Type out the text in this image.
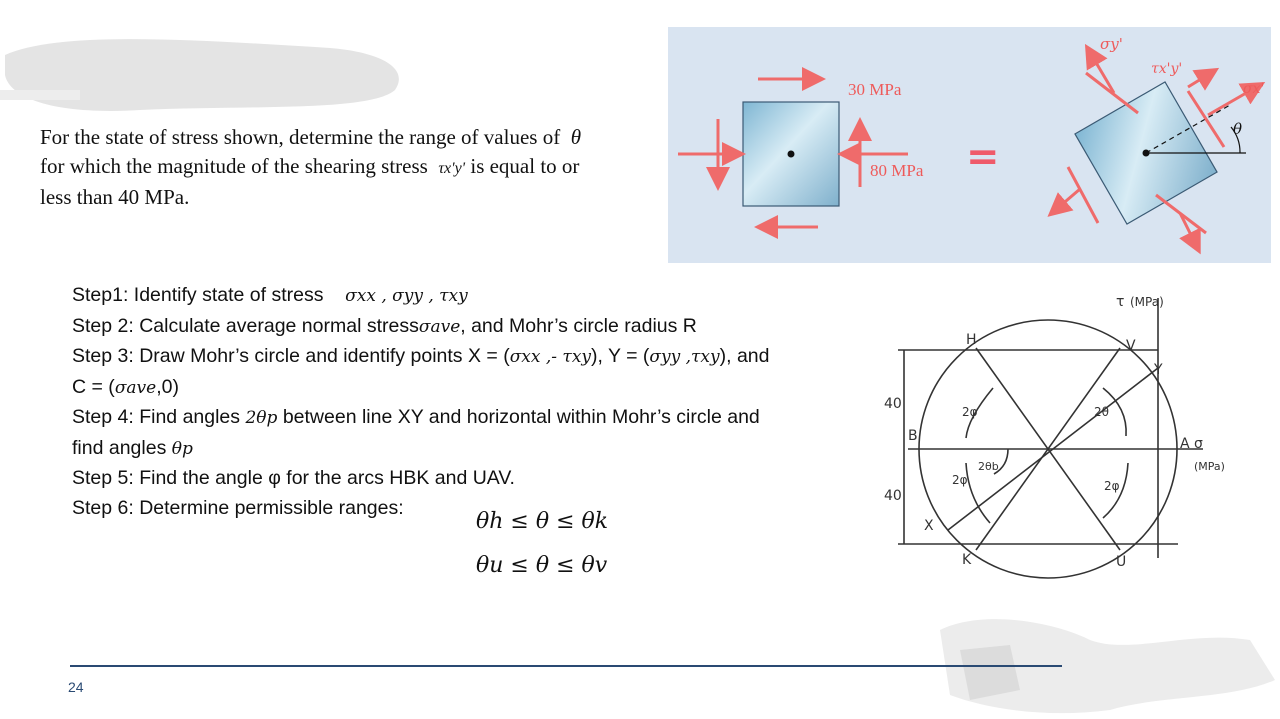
For the state of stress shown, determine the range of values of θ
for which the magnitude of the shearing stress τx'y' is equal to or
less than 40 MPa.
30 MPa
80 MPa =
θ
σy'
τx'y'
σx'
τ (MPa)
A σ
(MPa)
H	V
Y
B
X
K	U
40
40
2φ	2θ
2φ	2φ
2θb
Step1: Identify state of stress σxx , σyy , τxy
Step 2: Calculate average normal stressσave, and Mohr’s circle radius R
Step 3: Draw Mohr’s circle and identify points X = (σxx ,- τxy), Y = (σyy ,τxy), and
C = (σave,0)
Step 4: Find angles 2θp between line XY and horizontal within Mohr’s circle and
find angles θp
Step 5: Find the angle φ for the arcs HBK and UAV.
Step 6: Determine permissible ranges:
θh ≤ θ ≤ θk
θu ≤ θ ≤ θv
24
